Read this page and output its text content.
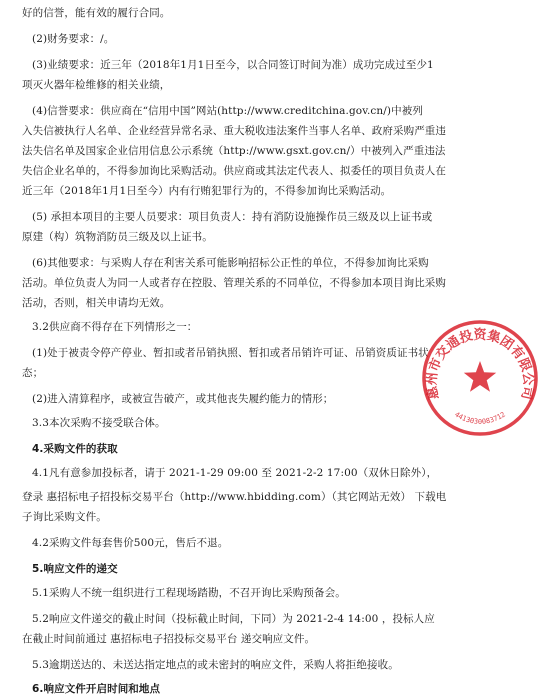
好的信誉，能有效的履行合同。

(2)财务要求：/。

(3)业绩要求：近三年（2018年1月1日至今，以合同签订时间为准）成功完成过至少1

项灭火器年检维修的相关业绩，

(4)信誉要求：供应商在“信用中国”网站(http://www.creditchina.gov.cn/)中被列

入失信被执行人名单、企业经营异常名录、重大税收违法案件当事人名单、政府采购严重违

法失信名单及国家企业信用信息公示系统（http://www.gsxt.gov.cn/）中被列入严重违法

失信企业名单的，不得参加询比采购活动。供应商或其法定代表人、拟委任的项目负责人在

近三年（2018年1月1日至今）内有行贿犯罪行为的，不得参加询比采购活动。

(5) 承担本项目的主要人员要求：项目负责人：持有消防设施操作员三级及以上证书或

原建（构）筑物消防员三级及以上证书。

(6)其他要求：与采购人存在利害关系可能影响招标公正性的单位，不得参加询比采购

活动。单位负责人为同一人或者存在控股、管理关系的不同单位，不得参加本项目询比采购

活动，否则，相关申请均无效。

3.2供应商不得存在下列情形之一：

(1)处于被责令停产停业、暂扣或者吊销执照、暂扣或者吊销许可证、吊销资质证书状

态；

(2)进入清算程序，或被宣告破产，或其他丧失履约能力的情形；

3.3本次采购不接受联合体。

4.采购文件的获取

4.1凡有意参加投标者，请于 2021-1-29 09:00 至 2021-2-2 17:00（双休日除外），

登录 惠招标电子招投标交易平台（http://www.hbidding.com）（其它网站无效） 下载电

子询比采购文件。

4.2采购文件每套售价500元，售后不退。

5.响应文件的递交

5.1采购人不统一组织进行工程现场踏勘，不召开询比采购预备会。

5.2响应文件递交的截止时间（投标截止时间，下同）为 2021-2-4 14:00 ，投标人应

在截止时间前通过 惠招标电子招投标交易平台 递交响应文件。

5.3逾期送达的、未送达指定地点的或未密封的响应文件，采购人将拒绝接收。

6.响应文件开启时间和地点

惠州市交通投资集团有限公司
4413030083712
